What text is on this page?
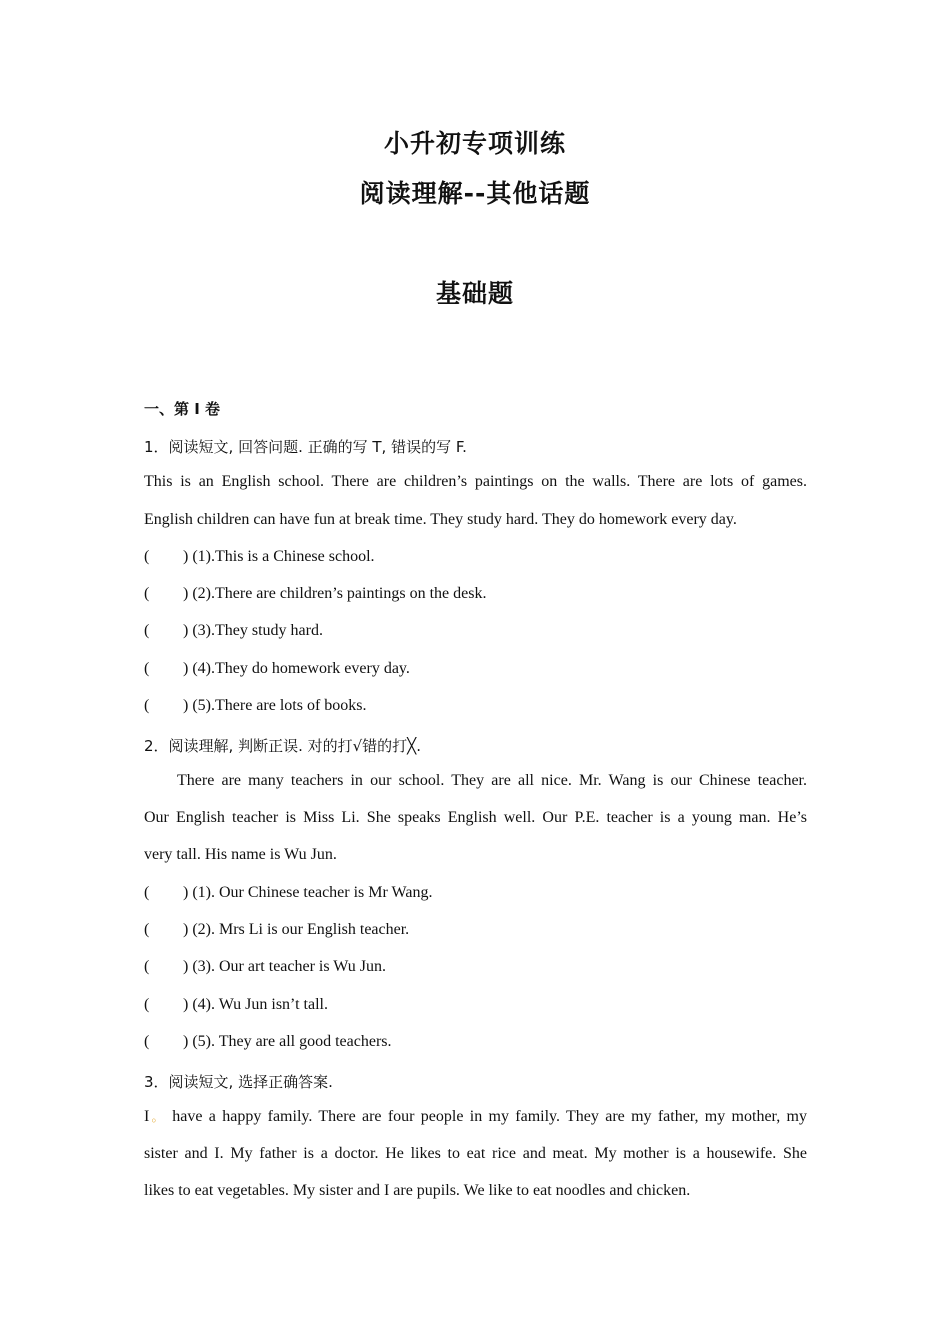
小升初专项训练
阅读理解--其他话题
基础题
一、第 I 卷
1．阅读短文, 回答问题. 正确的写 T, 错误的写 F.
This is an English school. There are children’s paintings on the walls. There are lots of games.
English children can have fun at break time. They study hard. They do homework every day.
( ) (1).This is a Chinese school.
( ) (2).There are children’s paintings on the desk.
( ) (3).They study hard.
( ) (4).They do homework every day.
( ) (5).There are lots of books.
2．阅读理解, 判断正误. 对的打√错的打╳.
There are many teachers in our school. They are all nice. Mr. Wang is our Chinese teacher.
Our English teacher is Miss Li. She speaks English well. Our P.E. teacher is a young man. He’s
very tall. His name is Wu Jun.
( ) (1). Our Chinese teacher is Mr Wang.
( ) (2). Mrs Li is our English teacher.
( ) (3). Our art teacher is Wu Jun.
( ) (4). Wu Jun isn’t tall.
( ) (5). They are all good teachers.
3．阅读短文, 选择正确答案.
I。 have a happy family. There are four people in my family. They are my father, my mother, my
sister and I. My father is a doctor. He likes to eat rice and meat. My mother is a housewife. She
likes to eat vegetables. My sister and I are pupils. We like to eat noodles and chicken.
